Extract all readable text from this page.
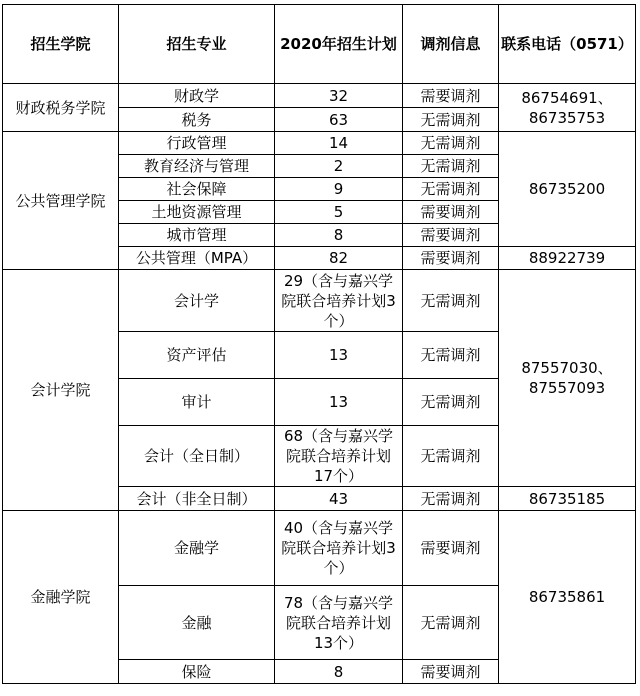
招生学院	招生专业	2020年招生计划	调剂信息	联系电话（0571）
财政税务学院	财政学	32	需要调剂	86754691、
86735753

	税务	63	无需调剂	
公共管理学院	行政管理	14	无需调剂	86735200
	教育经济与管理	2	无需调剂	
	社会保障	9	无需调剂	
	土地资源管理	5	需要调剂	
	城市管理	8	需要调剂	
	公共管理（MPA）	82	需要调剂	88922739
会计学院	会计学	29（含与嘉兴学院联合培养计划3个）	无需调剂	87557030、
87557093

	资产评估	13	无需调剂	
	审计	13	无需调剂	
	会计（全日制）	68（含与嘉兴学院联合培养计划17个）	无需调剂	
	会计（非全日制）	43	无需调剂	86735185
金融学院	金融学	40（含与嘉兴学院联合培养计划3个）	需要调剂	86735861
	金融	78（含与嘉兴学院联合培养计划13个）	无需调剂	
	保险	8	需要调剂	
